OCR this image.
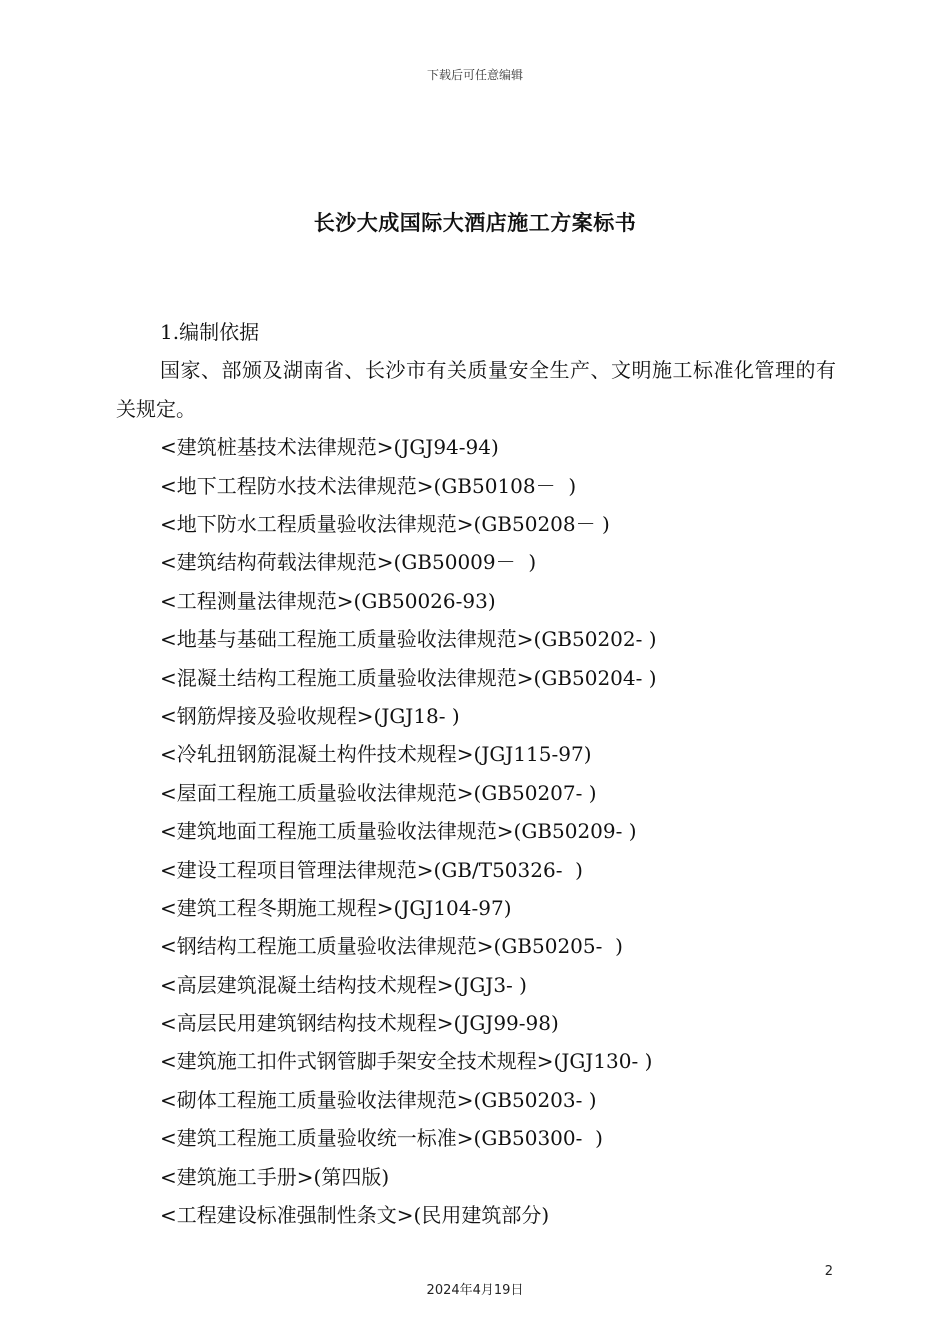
下载后可任意编辑
长沙大成国际大酒店施工方案标书
1.编制依据
国家、部颁及湖南省、长沙市有关质量安全生产、文明施工标准化管理的有关规定。
<建筑桩基技术法律规范>(JGJ94-94)
<地下工程防水技术法律规范>(GB50108－  )
<地下防水工程质量验收法律规范>(GB50208－ )
<建筑结构荷载法律规范>(GB50009－  )
<工程测量法律规范>(GB50026-93)
<地基与基础工程施工质量验收法律规范>(GB50202- )
<混凝土结构工程施工质量验收法律规范>(GB50204- )
<钢筋焊接及验收规程>(JGJ18- )
<冷轧扭钢筋混凝土构件技术规程>(JGJ115-97)
<屋面工程施工质量验收法律规范>(GB50207- )
<建筑地面工程施工质量验收法律规范>(GB50209- )
<建设工程项目管理法律规范>(GB/T50326-  )
<建筑工程冬期施工规程>(JGJ104-97)
<钢结构工程施工质量验收法律规范>(GB50205-  )
<高层建筑混凝土结构技术规程>(JGJ3- )
<高层民用建筑钢结构技术规程>(JGJ99-98)
<建筑施工扣件式钢管脚手架安全技术规程>(JGJ130- )
<砌体工程施工质量验收法律规范>(GB50203- )
<建筑工程施工质量验收统一标准>(GB50300-  )
<建筑施工手册>(第四版)
<工程建设标准强制性条文>(民用建筑部分)
2
2024年4月19日
